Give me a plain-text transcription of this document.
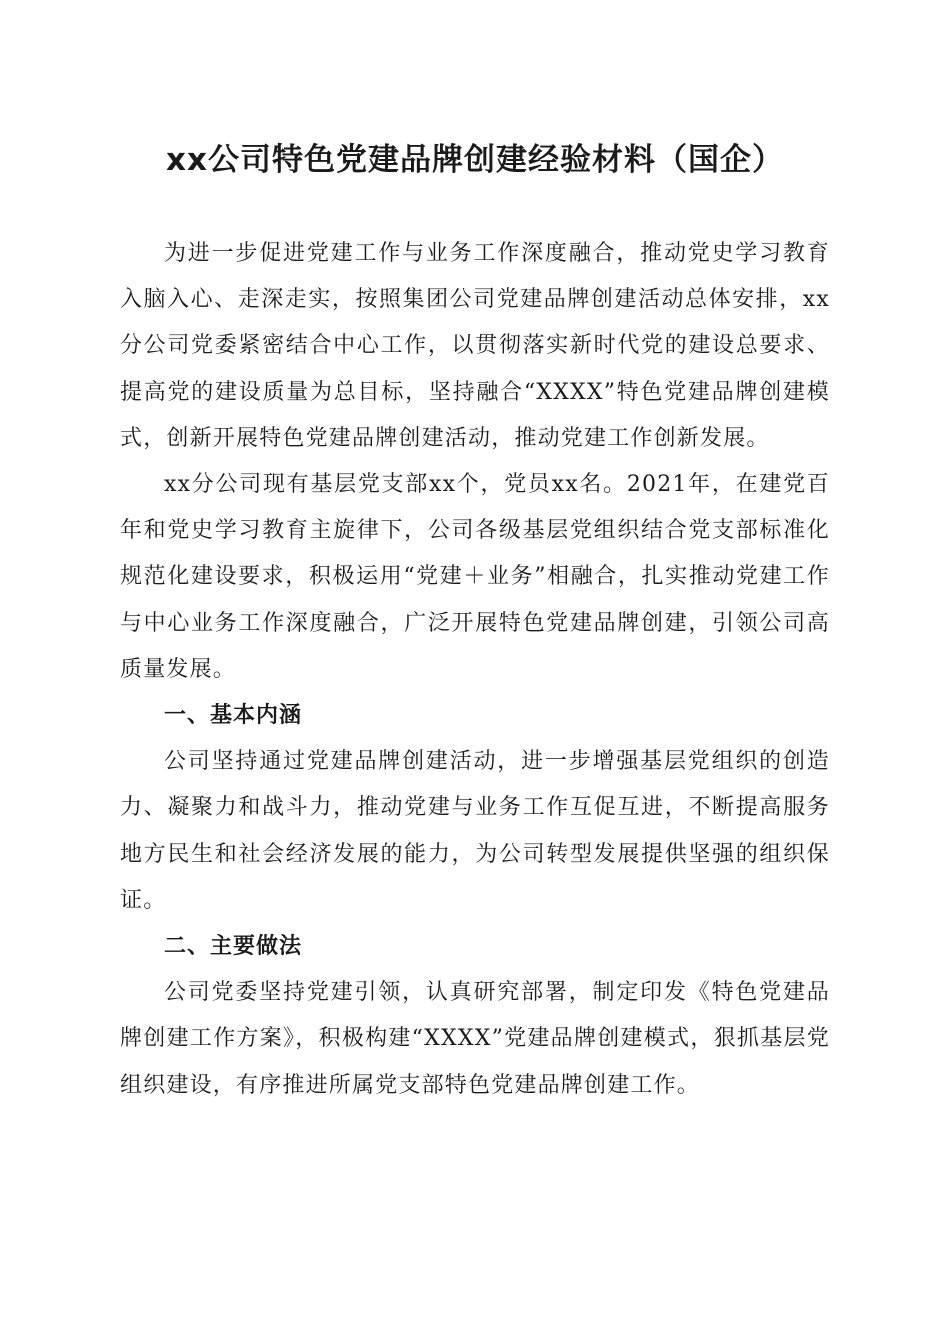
xx公司特色党建品牌创建经验材料（国企）

为进一步促进党建工作与业务工作深度融合，推动党史学习教育入脑入心、走深走实，按照集团公司党建品牌创建活动总体安排，xx分公司党委紧密结合中心工作，以贯彻落实新时代党的建设总要求、提高党的建设质量为总目标，坚持融合“XXXX”特色党建品牌创建模式，创新开展特色党建品牌创建活动，推动党建工作创新发展。

xx分公司现有基层党支部xx个，党员xx名。2021年，在建党百年和党史学习教育主旋律下，公司各级基层党组织结合党支部标准化规范化建设要求，积极运用“党建＋业务”相融合，扎实推动党建工作与中心业务工作深度融合，广泛开展特色党建品牌创建，引领公司高质量发展。

一、基本内涵

公司坚持通过党建品牌创建活动，进一步增强基层党组织的创造力、凝聚力和战斗力，推动党建与业务工作互促互进，不断提高服务地方民生和社会经济发展的能力，为公司转型发展提供坚强的组织保证。

二、主要做法

公司党委坚持党建引领，认真研究部署，制定印发《特色党建品牌创建工作方案》，积极构建“XXXX”党建品牌创建模式，狠抓基层党组织建设，有序推进所属党支部特色党建品牌创建工作。
